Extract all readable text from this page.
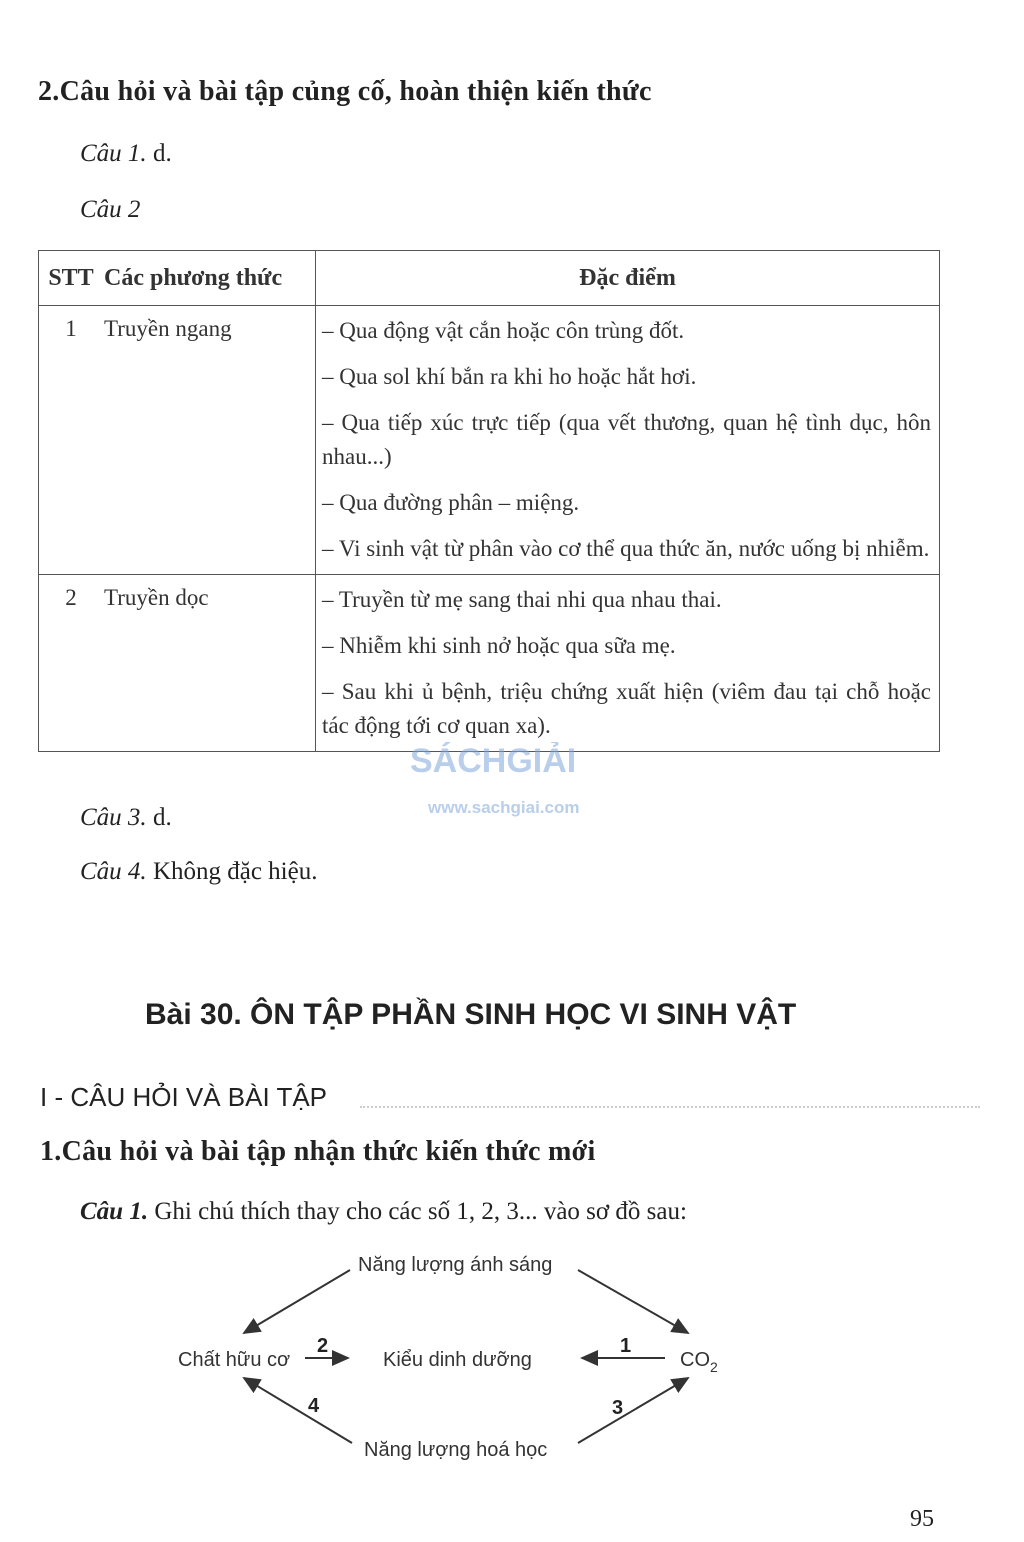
2.Câu hỏi và bài tập củng cố, hoàn thiện kiến thức
Câu 1. d.
Câu 2
STT	Các phương thức	Đặc điểm
1	Truyền ngang	– Qua động vật cắn hoặc côn trùng đốt.

– Qua sol khí bắn ra khi ho hoặc hắt hơi.

– Qua tiếp xúc trực tiếp (qua vết thương, quan hệ tình dục, hôn nhau...)

– Qua đường phân – miệng.

– Vi sinh vật từ phân vào cơ thể qua thức ăn, nước uống bị nhiễm.

2	Truyền dọc	– Truyền từ mẹ sang thai nhi qua nhau thai.

– Nhiễm khi sinh nở hoặc qua sữa mẹ.

– Sau khi ủ bệnh, triệu chứng xuất hiện (viêm đau tại chỗ hoặc tác động tới cơ quan xa).

SÁCHGIẢI
www.sachgiai.com
Câu 3. d.
Câu 4. Không đặc hiệu.
Bài 30. ÔN TẬP PHẦN SINH HỌC VI SINH VẬT
I - CÂU HỎI VÀ BÀI TẬP
1.Câu hỏi và bài tập nhận thức kiến thức mới
Câu 1. Ghi chú thích thay cho các số 1, 2, 3... vào sơ đồ sau:
Năng lượng ánh sáng
Chất hữu cơ	Kiểu dinh dưỡng	$CO_2$
Năng lượng hoá học
2	1
4	3
95
